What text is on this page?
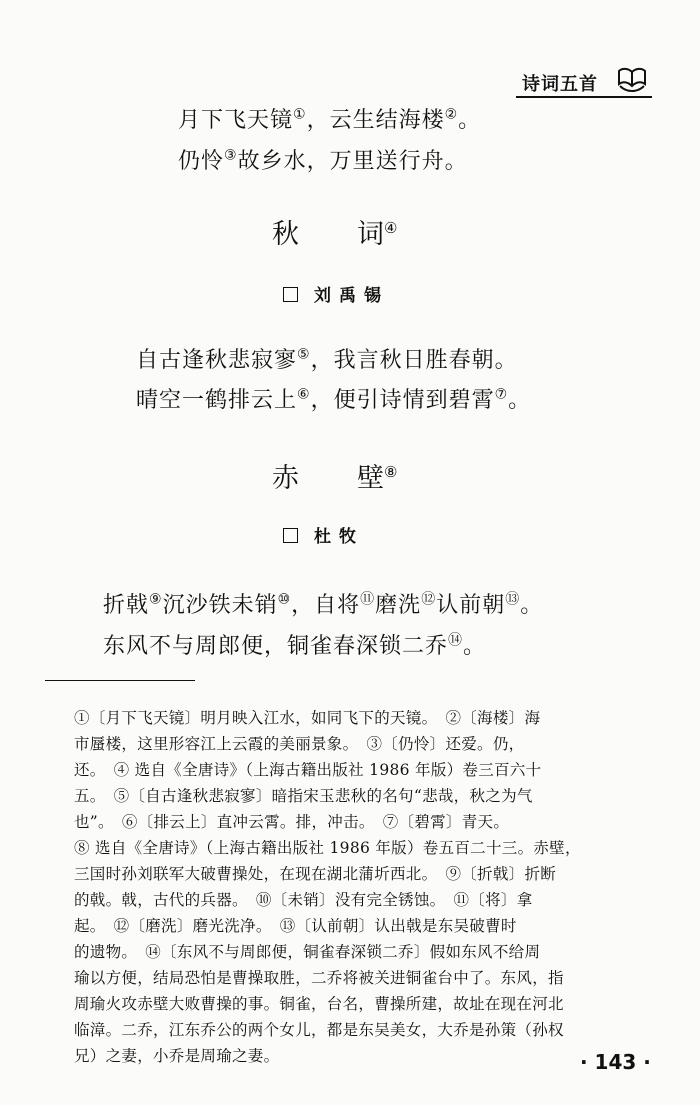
诗词五首
月下飞天镜①，云生结海楼②。
仍怜③故乡水，万里送行舟。
秋 词④
刘禹锡
自古逢秋悲寂寥⑤，我言秋日胜春朝。
晴空一鹤排云上⑥，便引诗情到碧霄⑦。
赤 壁⑧
杜牧
折戟⑨沉沙铁未销⑩，自将⑪磨洗⑫认前朝⑬。
东风不与周郎便，铜雀春深锁二乔⑭。
①〔月下飞天镜〕明月映入江水，如同飞下的天镜。　②〔海楼〕海
市蜃楼，这里形容江上云霞的美丽景象。　③〔仍怜〕还爱。仍，
还。　④ 选自《全唐诗》（上海古籍出版社 1986 年版）卷三百六十
五。　⑤〔自古逢秋悲寂寥〕暗指宋玉悲秋的名句“悲哉，秋之为气
也”。　⑥〔排云上〕直冲云霄。排，冲击。　⑦〔碧霄〕青天。
⑧ 选自《全唐诗》（上海古籍出版社 1986 年版）卷五百二十三。赤壁，
三国时孙刘联军大破曹操处，在现在湖北蒲圻西北。　⑨〔折戟〕折断
的戟。戟，古代的兵器。　⑩〔未销〕没有完全锈蚀。　⑪〔将〕拿
起。　⑫〔磨洗〕磨光洗净。　⑬〔认前朝〕认出戟是东吴破曹时
的遗物。　⑭〔东风不与周郎便，铜雀春深锁二乔〕假如东风不给周
瑜以方便，结局恐怕是曹操取胜，二乔将被关进铜雀台中了。东风，指
周瑜火攻赤壁大败曹操的事。铜雀，台名，曹操所建，故址在现在河北
临漳。二乔，江东乔公的两个女儿，都是东吴美女，大乔是孙策（孙权
兄）之妻，小乔是周瑜之妻。	· 143 ·
